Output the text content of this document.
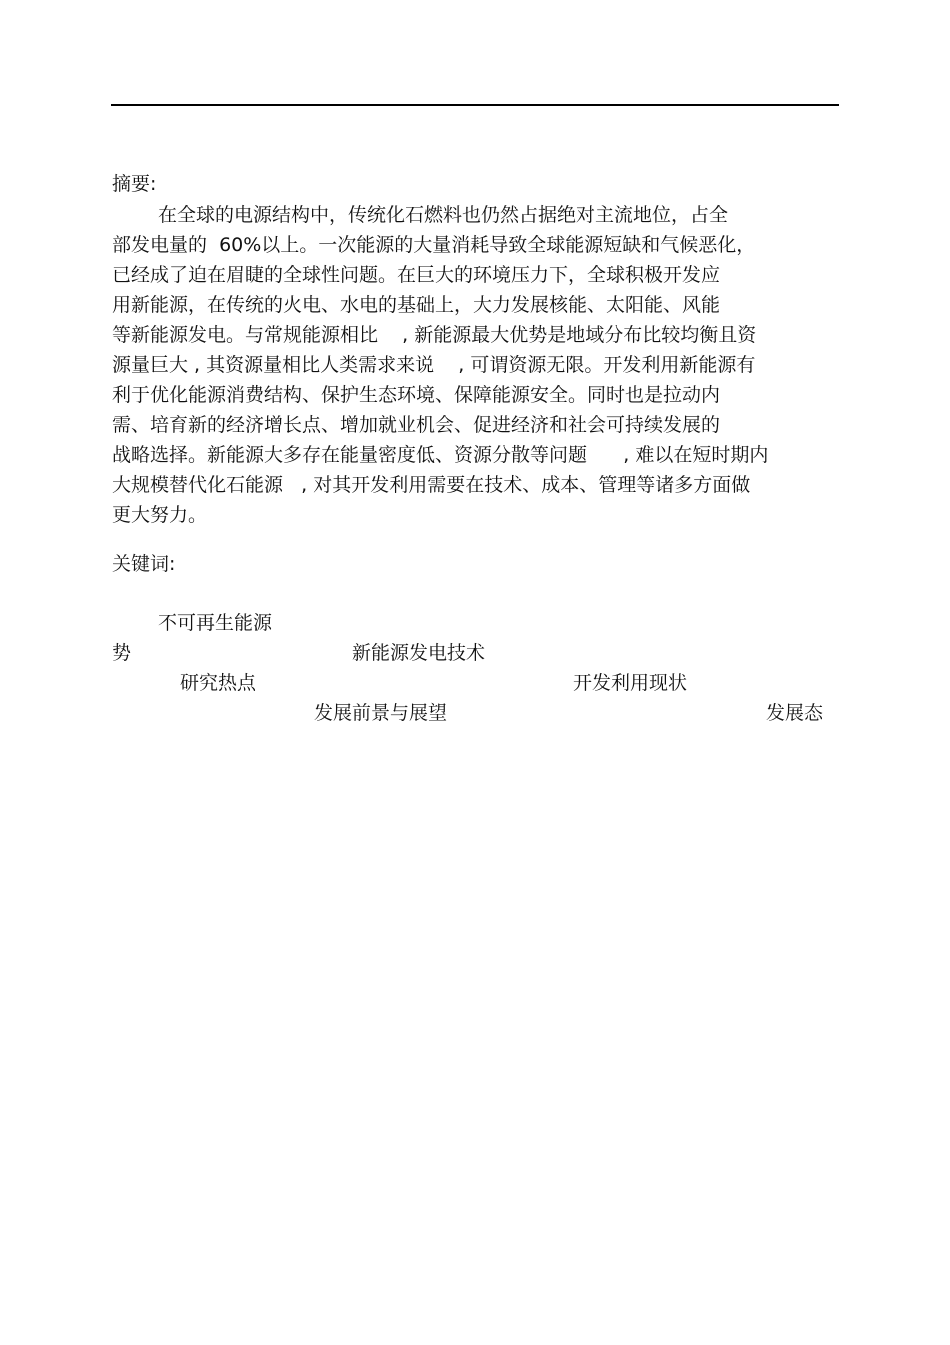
摘要:
在全球的电源结构中，传统化石燃料也仍然占据绝对主流地位，占全
部发电量的  60%以上。一次能源的大量消耗导致全球能源短缺和气候恶化，
已经成了迫在眉睫的全球性问题。在巨大的环境压力下，全球积极开发应
用新能源，在传统的火电、水电的基础上，大力发展核能、太阳能、风能
等新能源发电。与常规能源相比    , 新能源最大优势是地域分布比较均衡且资
源量巨大 , 其资源量相比人类需求来说    , 可谓资源无限。开发利用新能源有
利于优化能源消费结构、保护生态环境、保障能源安全。同时也是拉动内
需、培育新的经济增长点、增加就业机会、促进经济和社会可持续发展的
战略选择。新能源大多存在能量密度低、资源分散等问题      , 难以在短时期内
大规模替代化石能源   , 对其开发利用需要在技术、成本、管理等诸多方面做
更大努力。
关键词:

不可再生能源

新能源发电技术

开发利用现状

发展态

势

研究热点

发展前景与展望
